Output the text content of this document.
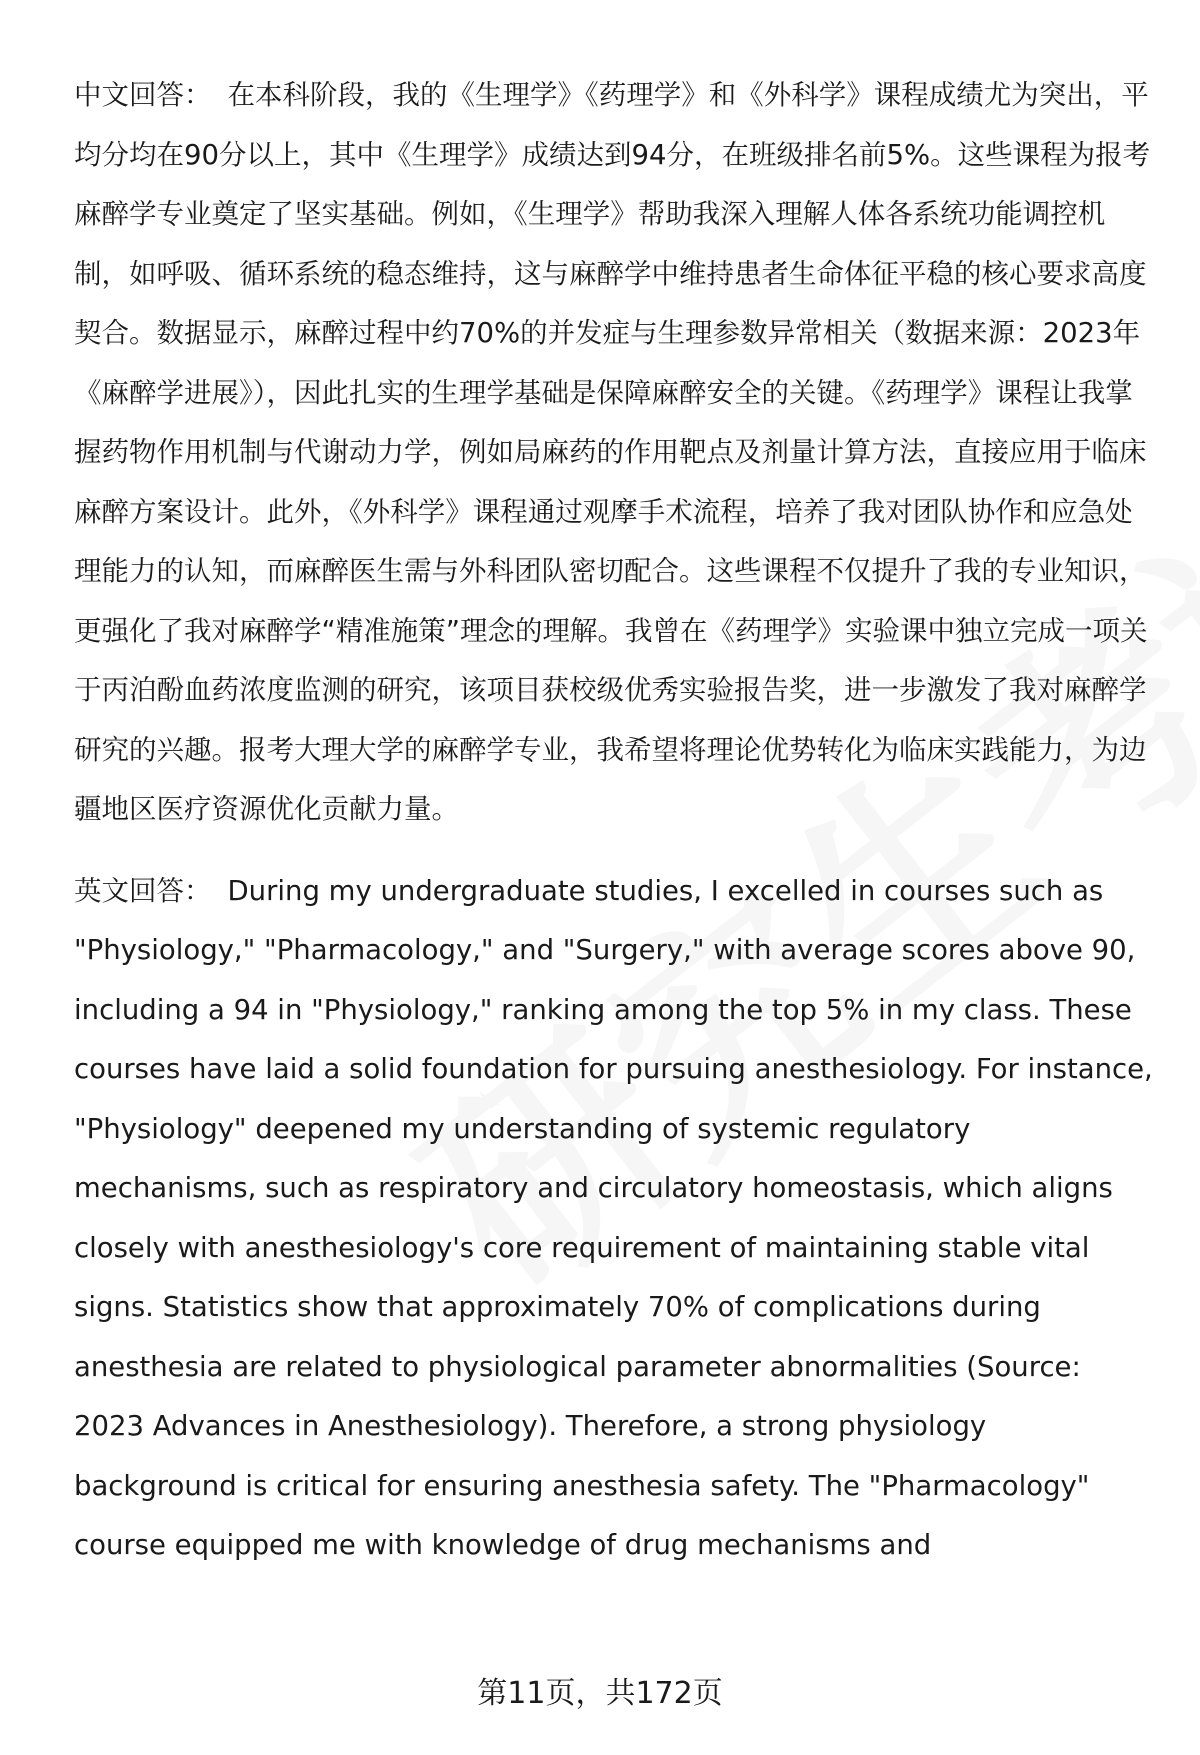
中文回答： 在本科阶段，我的《生理学》《药理学》和《外科学》课程成绩尤为突出，平均分均在90分以上，其中《生理学》成绩达到94分，在班级排名前5%。这些课程为报考麻醉学专业奠定了坚实基础。例如，《生理学》帮助我深入理解人体各系统功能调控机制，如呼吸、循环系统的稳态维持，这与麻醉学中维持患者生命体征平稳的核心要求高度契合。数据显示，麻醉过程中约70%的并发症与生理参数异常相关（数据来源：2023年《麻醉学进展》），因此扎实的生理学基础是保障麻醉安全的关键。《药理学》课程让我掌握药物作用机制与代谢动力学，例如局麻药的作用靶点及剂量计算方法，直接应用于临床麻醉方案设计。此外，《外科学》课程通过观摩手术流程，培养了我对团队协作和应急处理能力的认知，而麻醉医生需与外科团队密切配合。这些课程不仅提升了我的专业知识，更强化了我对麻醉学“精准施策”理念的理解。我曾在《药理学》实验课中独立完成一项关于丙泊酚血药浓度监测的研究，该项目获校级优秀实验报告奖，进一步激发了我对麻醉学研究的兴趣。报考大理大学的麻醉学专业，我希望将理论优势转化为临床实践能力，为边疆地区医疗资源优化贡献力量。

英文回答： During my undergraduate studies, I excelled in courses such as "Physiology," "Pharmacology," and "Surgery," with average scores above 90, including a 94 in "Physiology," ranking among the top 5% in my class. These courses have laid a solid foundation for pursuing anesthesiology. For instance, "Physiology" deepened my understanding of systemic regulatory mechanisms, such as respiratory and circulatory homeostasis, which aligns closely with anesthesiology's core requirement of maintaining stable vital signs. Statistics show that approximately 70% of complications during anesthesia are related to physiological parameter abnormalities (Source: 2023 Advances in Anesthesiology). Therefore, a strong physiology background is critical for ensuring anesthesia safety. The "Pharmacology" course equipped me with knowledge of drug mechanisms and

第11页，共172页
